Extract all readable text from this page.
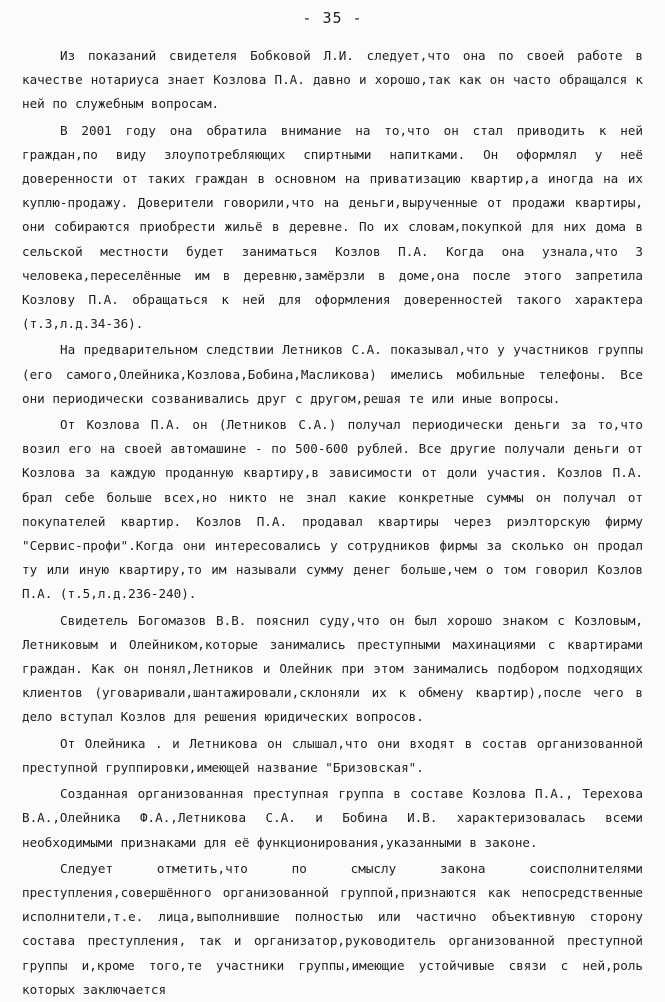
- 35 -

Из показаний свидетеля Бобковой Л.И. следует,что она по своей работе в качестве нотариуса знает Козлова П.А. давно и хорошо,так как он часто обращался к ней по служебным вопросам.

В 2001 году она обратила внимание на то,что он стал приводить к ней граждан,по виду злоупотребляющих спиртными напитками. Он оформлял у неё доверенности от таких граждан в основном на приватизацию квартир,а иногда на их куплю-продажу. Доверители говорили,что на деньги,вырученные от продажи квартиры, они собираются приобрести жильё в деревне. По их словам,покупкой для них дома в сельской местности будет заниматься Козлов П.А. Когда она узнала,что 3 человека,переселённые им в деревню,замёрзли в доме,она после этого запретила Козлову П.А. обращаться к ней для оформления доверенностей такого характера (т.3,л.д.34-36).

На предварительном следствии Летников С.А. показывал,что у участников группы (его самого,Олейника,Козлова,Бобина,Масликова) имелись мобильные телефоны. Все они периодически созванивались друг с другом,решая те или иные вопросы.

От Козлова П.А. он (Летников С.А.) получал периодически деньги за то,что возил его на своей автомашине - по 500-600 рублей. Все другие получали деньги от Козлова за каждую проданную квартиру,в зависимости от доли участия. Козлов П.А. брал себе больше всех,но никто не знал какие конкретные суммы он получал от покупателей квартир. Козлов П.А. продавал квартиры через риэлторскую фирму "Сервис-профи".Когда они интересовались у сотрудников фирмы за сколько он продал ту или иную квартиру,то им называли сумму денег больше,чем о том говорил Козлов П.А. (т.5,л.д.236-240).

Свидетель Богомазов В.В. пояснил суду,что он был хорошо знаком с Козловым, Летниковым и Олейником,которые занимались преступными махинациями с квартирами граждан. Как он понял,Летников и Олейник при этом занимались подбором подходящих клиентов (уговаривали,шантажировали,склоняли их к обмену квартир),после чего в дело вступал Козлов для решения юридических вопросов.

От Олейника . и Летникова он слышал,что они входят в состав организованной преступной группировки,имеющей название "Бризовская".

Созданная организованная преступная группа в составе Козлова П.А., Терехова В.А.,Олейника Ф.А.,Летникова С.А. и Бобина И.В. характеризовалась всеми необходимыми признаками для её функционирования,указанными в законе.

Следует отметить,что по смыслу закона соисполнителями преступления,совершённого организованной группой,признаются как непосредственные исполнители,т.е. лица,выполнившие полностью или частично объективную сторону состава преступления, так и организатор,руководитель организованной преступной группы и,кроме того,те участники группы,имеющие устойчивые связи с ней,роль которых заключается
